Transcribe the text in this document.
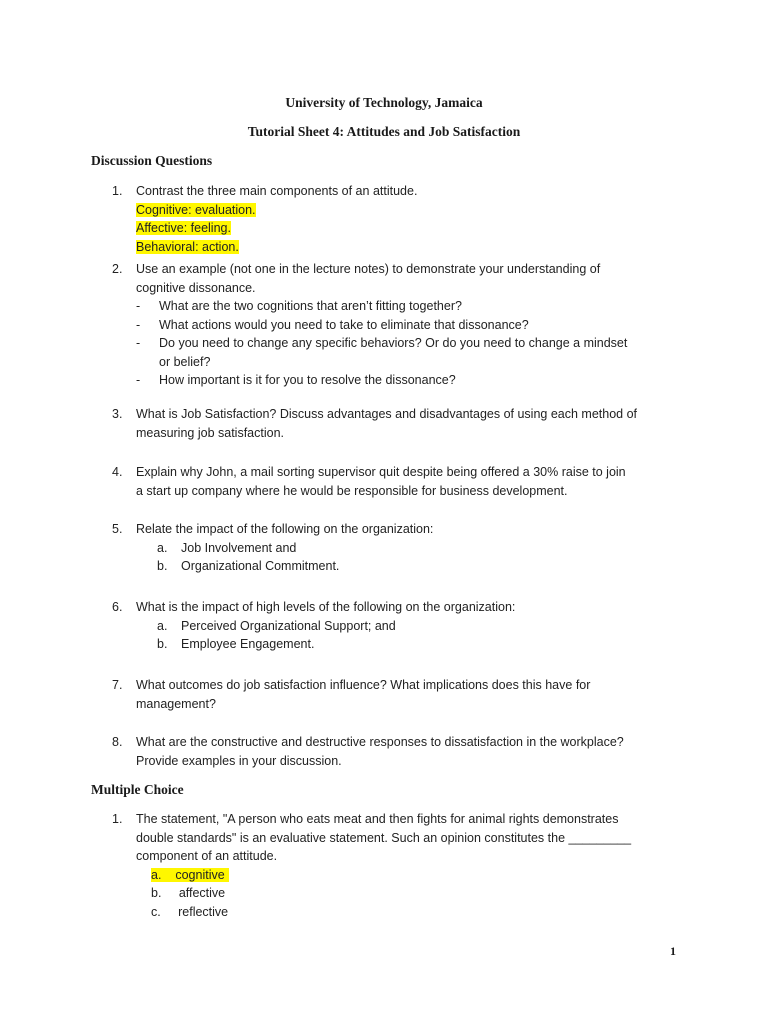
University of Technology, Jamaica
Tutorial Sheet 4: Attitudes and Job Satisfaction
Discussion Questions
1. Contrast the three main components of an attitude.
Cognitive: evaluation.
Affective: feeling.
Behavioral: action.
2. Use an example (not one in the lecture notes) to demonstrate your understanding of
cognitive dissonance.
- What are the two cognitions that aren’t fitting together?
- What actions would you need to take to eliminate that dissonance?
- Do you need to change any specific behaviors? Or do you need to change a mindset
or belief?
- How important is it for you to resolve the dissonance?
3. What is Job Satisfaction? Discuss advantages and disadvantages of using each method of
measuring job satisfaction.
4. Explain why John, a mail sorting supervisor quit despite being offered a 30% raise to join
a start up company where he would be responsible for business development.
5. Relate the impact of the following on the organization:
a. Job Involvement and
b. Organizational Commitment.
6. What is the impact of high levels of the following on the organization:
a. Perceived Organizational Support; and
b. Employee Engagement.
7. What outcomes do job satisfaction influence? What implications does this have for
management?
8. What are the constructive and destructive responses to dissatisfaction in the workplace?
Provide examples in your discussion.
Multiple Choice
1. The statement, "A person who eats meat and then fights for animal rights demonstrates
double standards" is an evaluative statement. Such an opinion constitutes the _________
component of an attitude.
a. cognitive
b. affective
c. reflective
1
